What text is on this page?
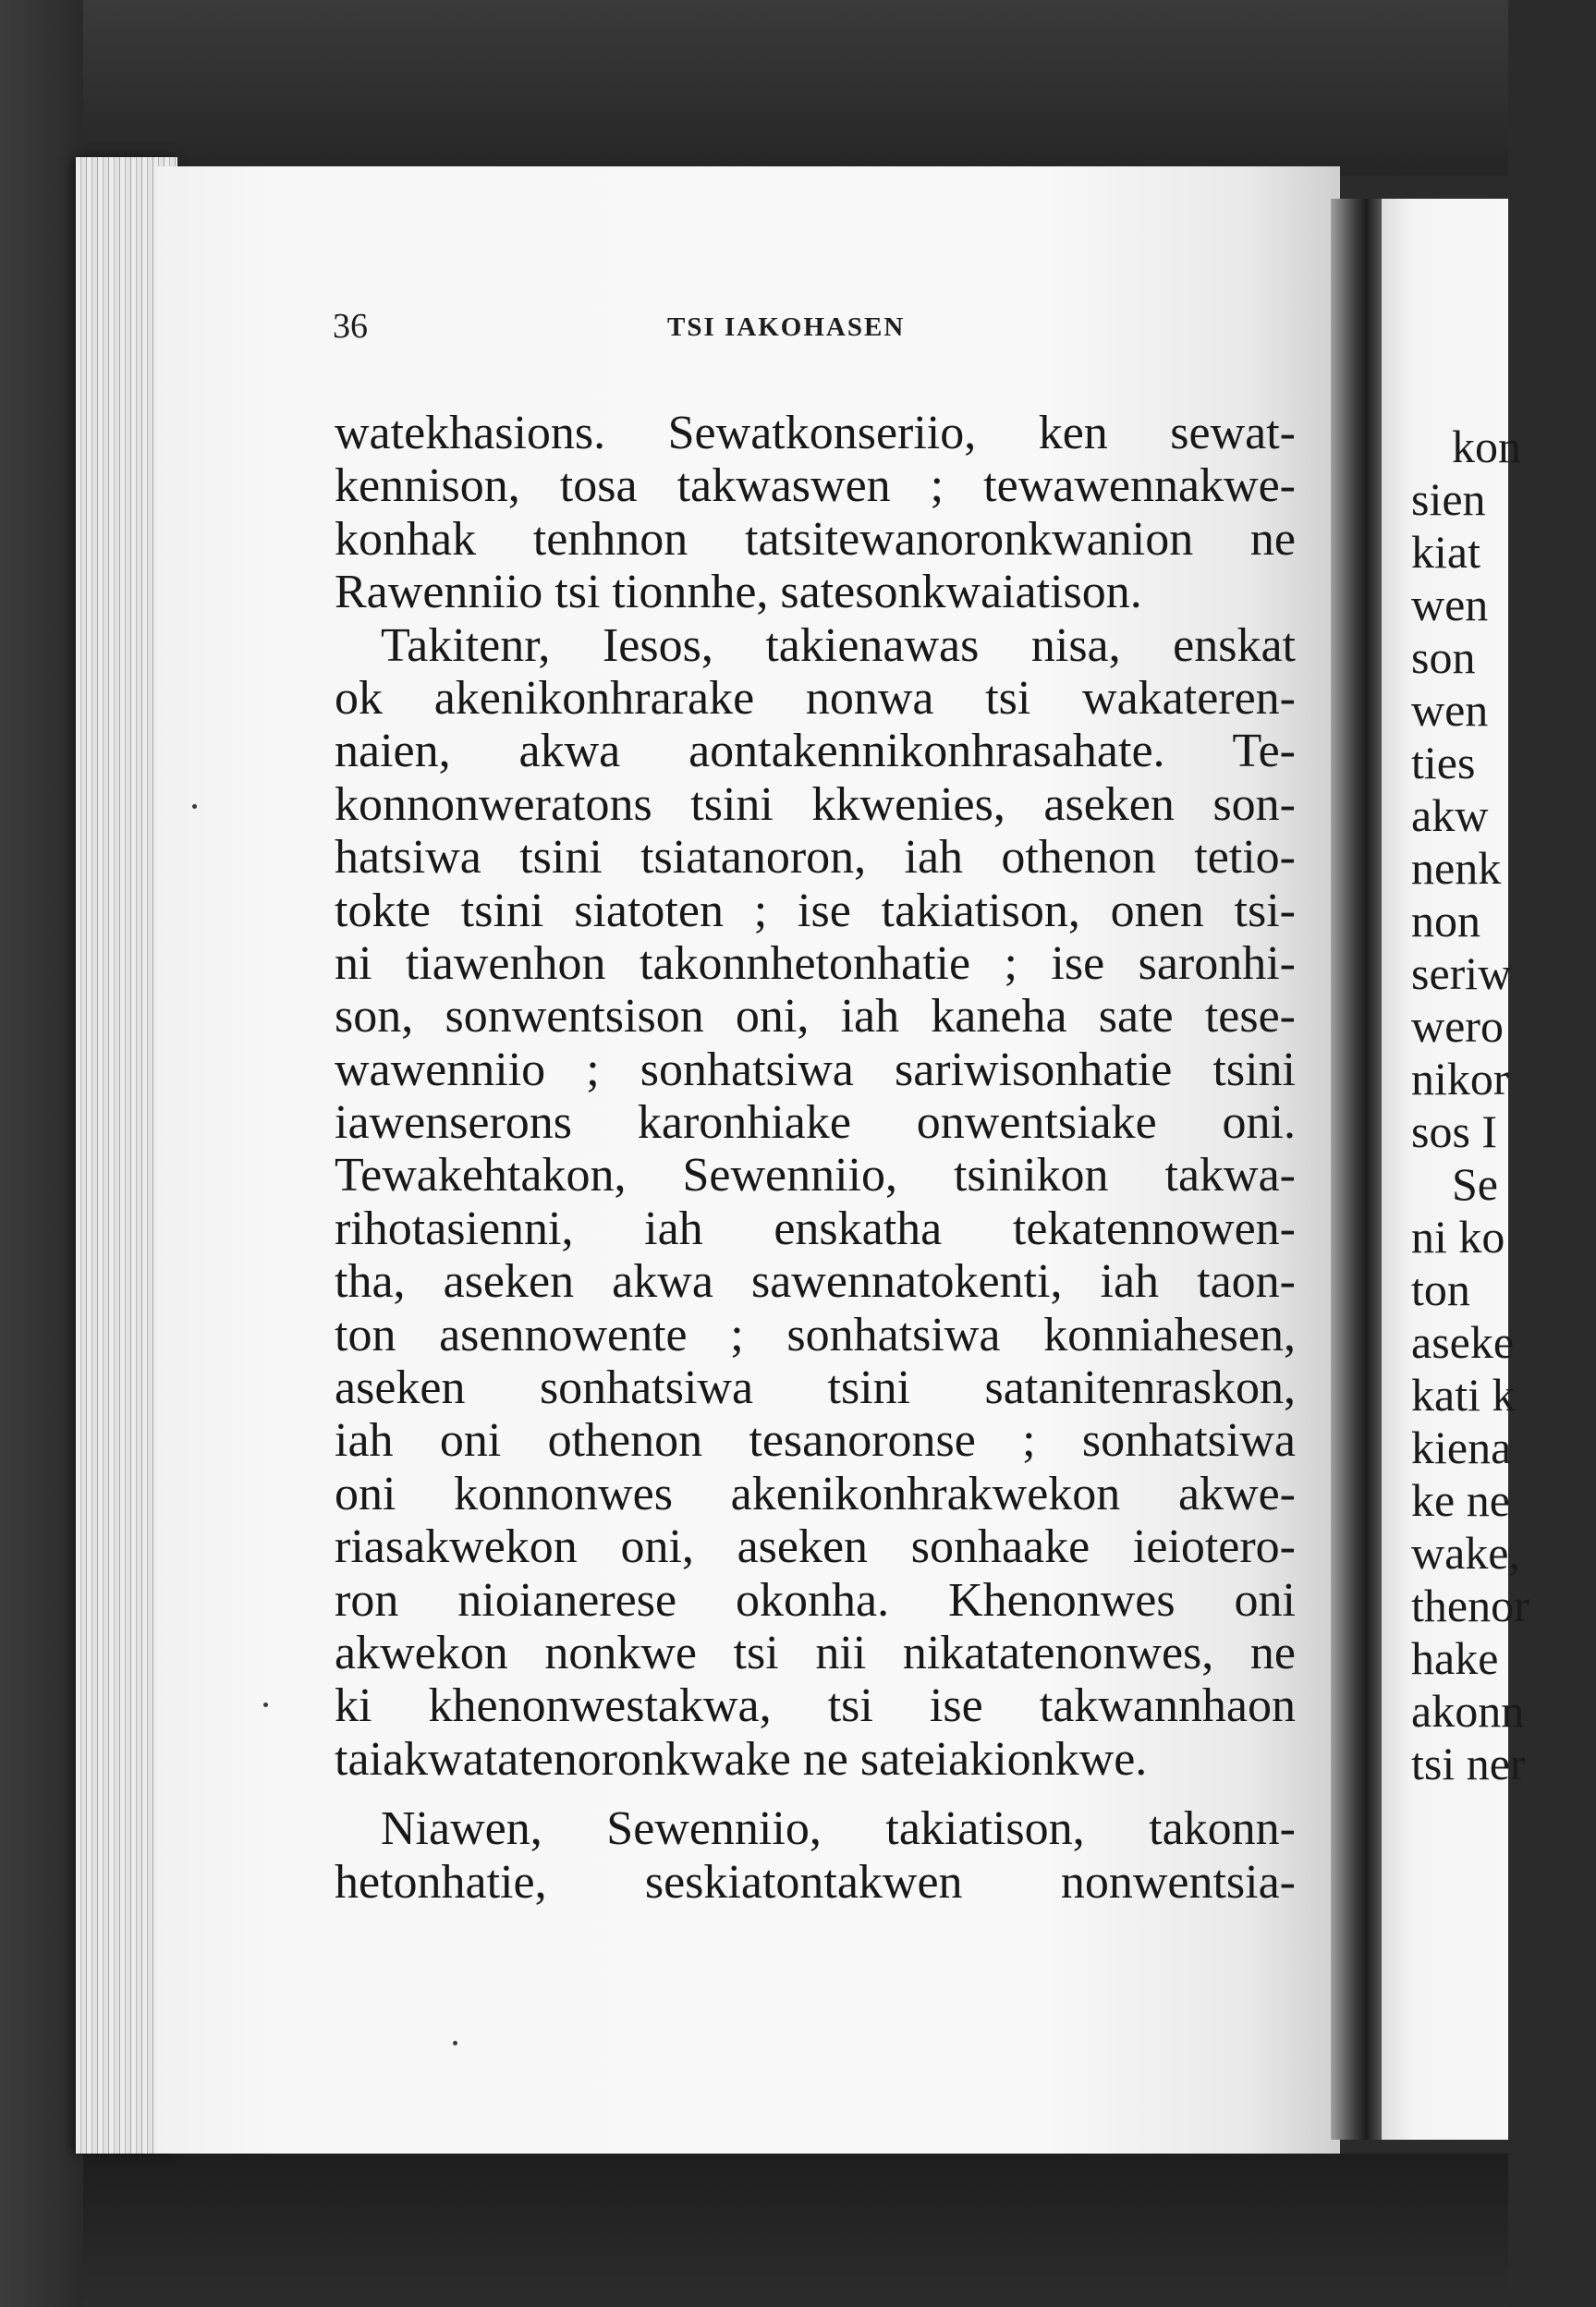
36	TSI IAKOHASEN
watekhasions. Sewatkonseriio, ken sewat-
kennison, tosa takwaswen ; tewawennakwe-
konhak tenhnon tatsitewanoronkwanion ne
Rawenniio tsi tionnhe, satesonkwaiatison.
Takitenr, Iesos, takienawas nisa, enskat
ok akenikonhrarake nonwa tsi wakateren-
naien, akwa aontakennikonhrasahate. Te-
konnonweratons tsini kkwenies, aseken son-
hatsiwa tsini tsiatanoron, iah othenon tetio-
tokte tsini siatoten ; ise takiatison, onen tsi-
ni tiawenhon takonnhetonhatie ; ise saronhi-
son, sonwentsison oni, iah kaneha sate tese-
wawenniio ; sonhatsiwa sariwisonhatie tsini
iawenserons karonhiake onwentsiake oni.
Tewakehtakon, Sewenniio, tsinikon takwa-
rihotasienni, iah enskatha tekatennowen-
tha, aseken akwa sawennatokenti, iah taon-
ton asennowente ; sonhatsiwa konniahesen,
aseken sonhatsiwa tsini satanitenraskon,
iah oni othenon tesanoronse ; sonhatsiwa
oni konnonwes akenikonhrakwekon akwe-
riasakwekon oni, aseken sonhaake ieiotero-
ron nioianerese okonha. Khenonwes oni
akwekon nonkwe tsi nii nikatatenonwes, ne
ki khenonwestakwa, tsi ise takwannhaon
taiakwatatenoronkwake ne sateiakionkwe.
Niawen, Sewenniio, takiatison, takonn-
hetonhatie, seskiatontakwen nonwentsia-
kon
sien
kiat
wen
son
wen
ties
akw
nenk
non
seriw
wero
nikor
sos I
Se
ni ko
ton
aseke
kati k
kiena
ke ne
wake,
thenor
hake
akonn
tsi ner
